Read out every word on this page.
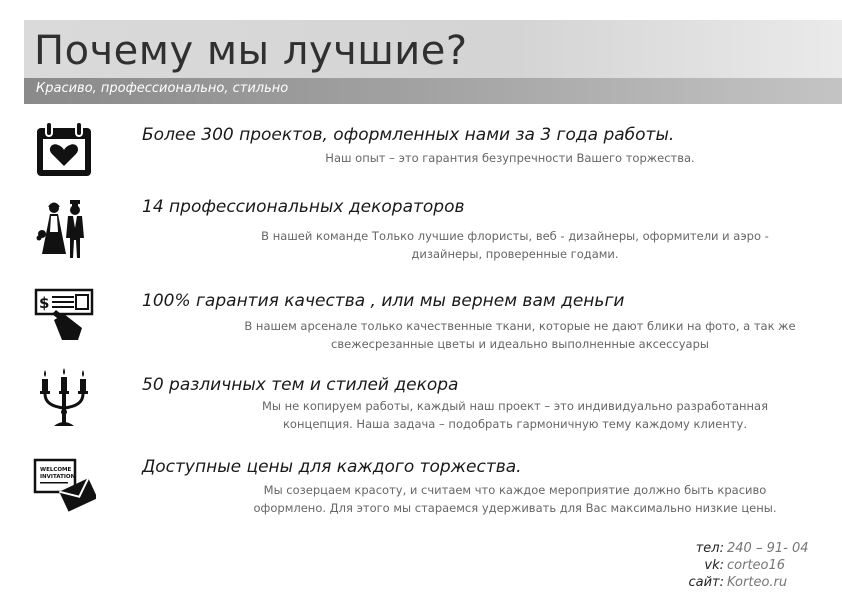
Почему мы лучшие?
Красиво, профессионально, стильно
Более 300 проектов, оформленных нами за 3 года работы.
Наш опыт – это гарантия безупречности Вашего торжества.
14 профессиональных декораторов
В нашей команде Только лучшие флористы, веб - дизайнеры, оформители и аэро -
дизайнеры, проверенные годами.
$	100% гарантия качества , или мы вернем вам деньги
В нашем арсенале только качественные ткани, которые не дают блики на фото, а так же
свежесрезанные цветы и идеально выполненные аксессуары
50 различных тем и стилей декора
Мы не копируем работы, каждый наш проект – это индивидуально разработанная
концепция. Наша задача – подобрать гармоничную тему каждому клиенту.
WELCOME
INVITATION	Доступные цены для каждого торжества.
Мы созерцаем красоту, и считаем что каждое мероприятие должно быть красиво
оформлено. Для этого мы стараемся удерживать для Вас максимально низкие цены.
тел: 240 – 91- 04
vk: corteo16
сайт: Korteo.ru
